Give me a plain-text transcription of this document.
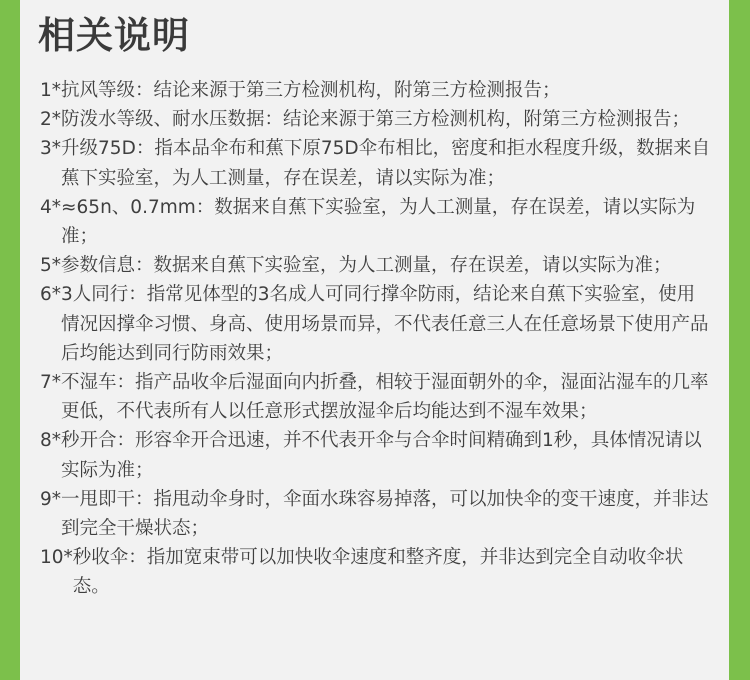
相关说明
1* 抗风等级：结论来源于第三方检测机构，附第三方检测报告；
2* 防泼水等级、耐水压数据：结论来源于第三方检测机构，附第三方检测报告；
3* 升级75D：指本品伞布和蕉下原75D伞布相比，密度和拒水程度升级，数据来自蕉下实验室，为人工测量，存在误差，请以实际为准；
4* ≈65n、0.7mm：数据来自蕉下实验室，为人工测量，存在误差，请以实际为准；
5* 参数信息：数据来自蕉下实验室，为人工测量，存在误差，请以实际为准；
6* 3人同行：指常见体型的3名成人可同行撑伞防雨，结论来自蕉下实验室，使用情况因撑伞习惯、身高、使用场景而异，不代表任意三人在任意场景下使用产品后均能达到同行防雨效果；
7* 不湿车：指产品收伞后湿面向内折叠，相较于湿面朝外的伞，湿面沾湿车的几率更低，不代表所有人以任意形式摆放湿伞后均能达到不湿车效果；
8* 秒开合：形容伞开合迅速，并不代表开伞与合伞时间精确到1秒，具体情况请以实际为准；
9* 一甩即干：指甩动伞身时，伞面水珠容易掉落，可以加快伞的变干速度，并非达到完全干燥状态；
10* 秒收伞：指加宽束带可以加快收伞速度和整齐度，并非达到完全自动收伞状态。
